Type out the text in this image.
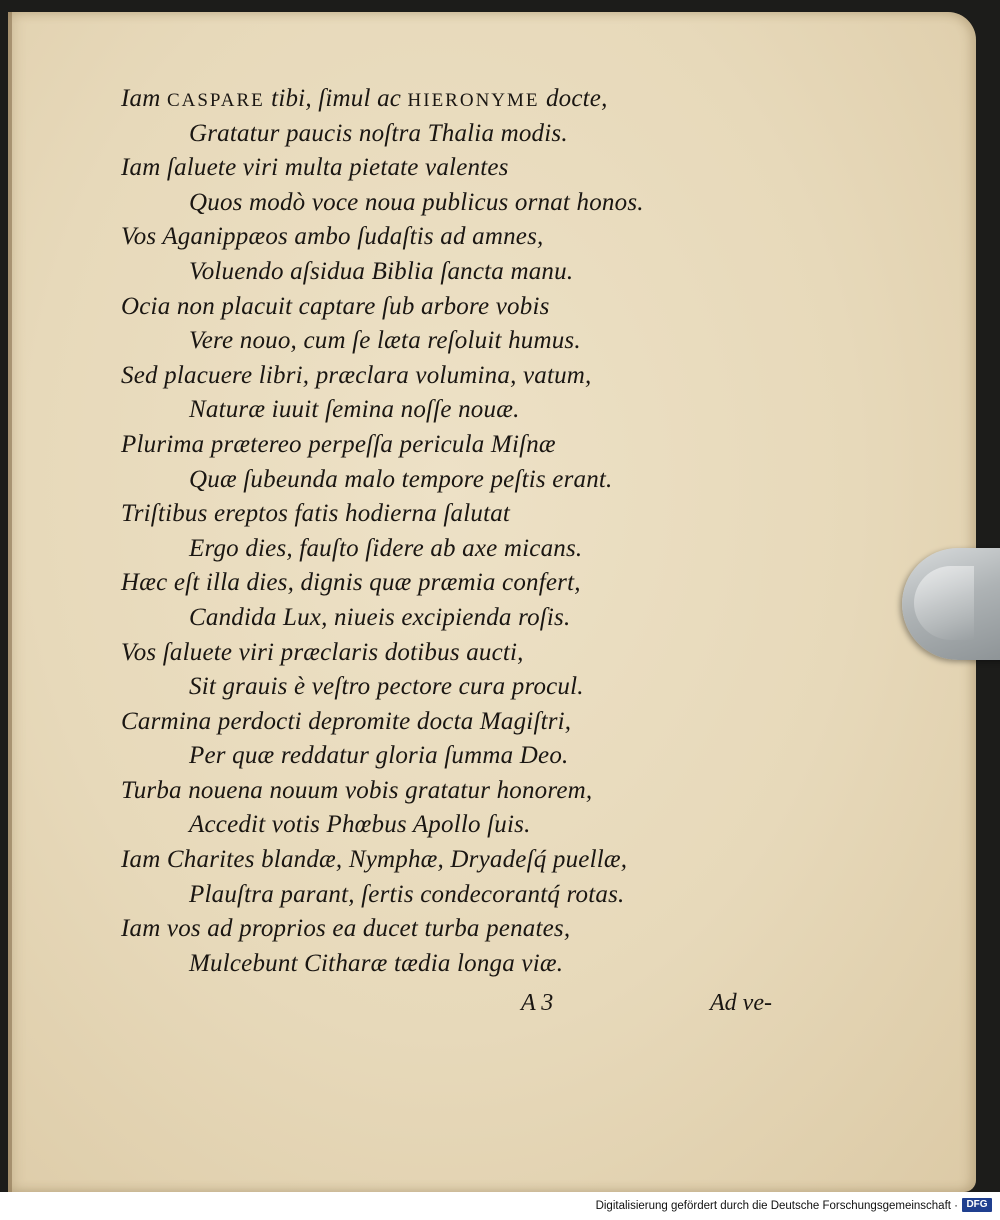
Iam CASPARE tibi, ſimul ac HIERONYME docte,
Gratatur paucis noſtra Thalia modis.
Iam ſaluete viri multa pietate valentes
Quos modò voce noua publicus ornat honos.
Vos Aganippæos ambo ſudaſtis ad amnes,
Voluendo aſsidua Biblia ſancta manu.
Ocia non placuit captare ſub arbore vobis
Vere nouo, cum ſe læta reſoluit humus.
Sed placuere libri, præclara volumina, vatum,
Naturæ iuuit ſemina noſſe nouæ.
Plurima prætereo perpeſſa pericula Miſnæ
Quæ ſubeunda malo tempore peſtis erant.
Triſtibus ereptos fatis hodierna ſalutat
Ergo dies, fauſto ſidere ab axe micans.
Hæc eſt illa dies, dignis quæ præmia confert,
Candida Lux, niueis excipienda roſis.
Vos ſaluete viri præclaris dotibus aucti,
Sit grauis è veſtro pectore cura procul.
Carmina perdocti depromite docta Magiſtri,
Per quæ reddatur gloria ſumma Deo.
Turba nouena nouum vobis gratatur honorem,
Accedit votis Phœbus Apollo ſuis.
Iam Charites blandæ, Nymphæ, Dryadeſq́ puellæ,
Plauſtra parant, ſertis condecorantq́ rotas.
Iam vos ad proprios ea ducet turba penates,
Mulcebunt Citharæ tædia longa viæ.
A 3	Ad ve-
Digitalisierung gefördert durch die Deutsche Forschungsgemeinschaft · DFG
